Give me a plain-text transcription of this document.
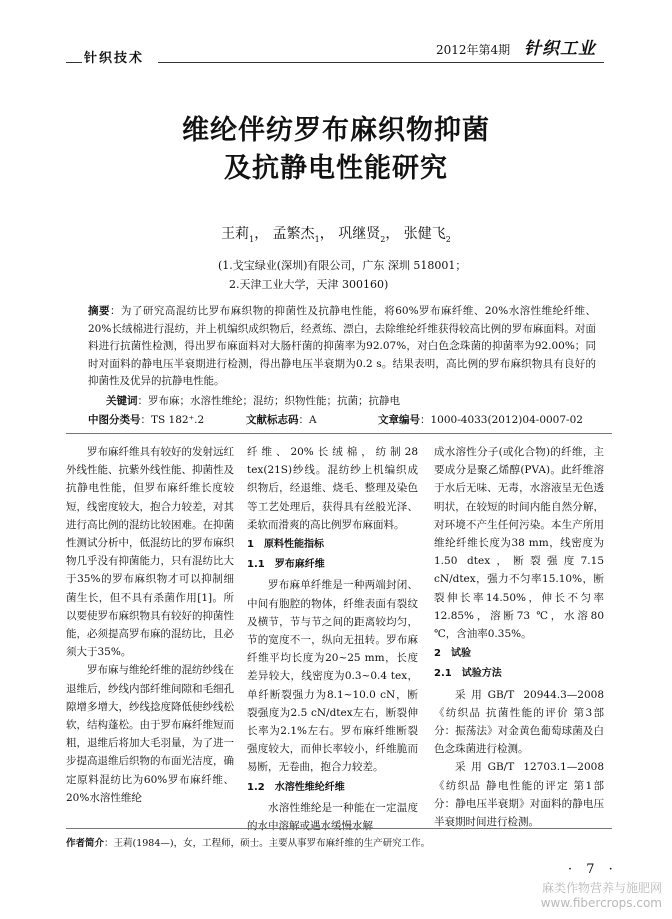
针织技术
2012年第4期 针织工业
维纶伴纺罗布麻织物抑菌
及抗静电性能研究
王莉$_1$， 孟繁杰$_1$， 巩继贤$_2$， 张健飞$_2$
(1.戈宝绿业(深圳)有限公司，广东 深圳 518001；
2.天津工业大学，天津 300160)
摘要：为了研究高混纺比罗布麻织物的抑菌性及抗静电性能，将60%罗布麻纤维、20%水溶性维纶纤维、20%长绒棉进行混纺，并上机编织成织物后，经煮练、漂白，去除维纶纤维获得较高比例的罗布麻面料。对面料进行抗菌性检测，得出罗布麻面料对大肠杆菌的抑菌率为92.07%，对白色念珠菌的抑菌率为92.00%；同时对面料的静电压半衰期进行检测，得出静电压半衰期为0.2 s。结果表明，高比例的罗布麻织物具有良好的抑菌性及优异的抗静电性能。
关键词：罗布麻；水溶性维纶；混纺；织物性能；抗菌；抗静电
中图分类号：TS 182⁺.2	文献标志码：A	文章编号：1000-4033(2012)04-0007-02

罗布麻纤维具有较好的发射远红外线性能、抗紫外线性能、抑菌性及抗静电性能，但罗布麻纤维长度较短，线密度较大，抱合力较差，对其进行高比例的混纺比较困难。在抑菌性测试分析中，低混纺比的罗布麻织物几乎没有抑菌能力，只有混纺比大于35%的罗布麻织物才可以抑制细菌生长，但不具有杀菌作用[1]。所以要使罗布麻织物具有较好的抑菌性能，必须提高罗布麻的混纺比，且必须大于35%。

罗布麻与维纶纤维的混纺纱线在退维后，纱线内部纤维间隙和毛细孔隙增多增大，纱线捻度降低使纱线松软，结构蓬松。由于罗布麻纤维短而粗，退维后将加大毛羽量，为了进一步提高退维后织物的布面光洁度，确定原料混纺比为60%罗布麻纤维、20%水溶性维纶

纤维、20%长绒棉，纺制28 tex(21S)纱线。混纺纱上机编织成织物后，经退维、烧毛、整理及染色等工艺处理后，获得具有丝般光泽、柔软而滑爽的高比例罗布麻面料。

1　原料性能指标

1.1　罗布麻纤维

罗布麻单纤维是一种两端封闭、中间有胞腔的物体，纤维表面有裂纹及横节，节与节之间的距离较均匀，节的宽度不一，纵向无扭转。罗布麻纤维平均长度为20~25 mm，长度差异较大，线密度为0.3~0.4 tex，单纤断裂强力为8.1~10.0 cN，断裂强度为2.5 cN/dtex左右，断裂伸长率为2.1%左右。罗布麻纤维断裂强度较大，而伸长率较小，纤维脆而易断，无卷曲，抱合力较差。

1.2　水溶性维纶纤维

水溶性维纶是一种能在一定温度的水中溶解或遇水缓慢水解

成水溶性分子(或化合物)的纤维，主要成分是聚乙烯醇(PVA)。此纤维溶于水后无味、无毒，水溶液呈无色透明状，在较短的时间内能自然分解，对环境不产生任何污染。本生产所用维纶纤维长度为38 mm，线密度为1.50 dtex，断裂强度7.15 cN/dtex，强力不匀率15.10%，断裂伸长率14.50%，伸长不匀率12.85%，溶断73 ℃，水溶80 ℃，含油率0.35%。

2　试验

2.1　试验方法

采用GB/T 20944.3—2008《纺织品 抗菌性能的评价 第3部分：振荡法》对金黄色葡萄球菌及白色念珠菌进行检测。

采用GB/T 12703.1—2008《纺织品 静电性能的评定 第1部分：静电压半衰期》对面料的静电压半衰期时间进行检测。

作者简介：王莉(1984—)，女，工程师，硕士。主要从事罗布麻纤维的生产研究工作。
· 7 ·
麻类作物营养与施肥网
www.fibercrops.com
